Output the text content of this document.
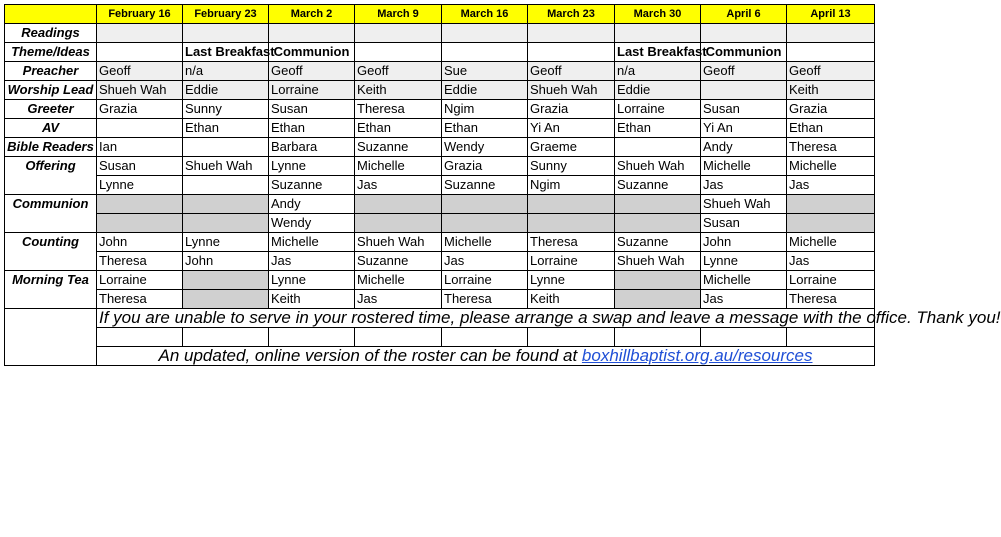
	February 16	February 23	March 2	March 9	March 16	March 23	March 30	April 6	April 13
Readings									
Theme/Ideas		Last Breakfast	Communion				Last Breakfast	Communion	
Preacher	Geoff	n/a	Geoff	Geoff	Sue	Geoff	n/a	Geoff	Geoff
Worship Lead	Shueh Wah	Eddie	Lorraine	Keith	Eddie	Shueh Wah	Eddie		Keith
Greeter	Grazia	Sunny	Susan	Theresa	Ngim	Grazia	Lorraine	Susan	Grazia
AV		Ethan	Ethan	Ethan	Ethan	Yi An	Ethan	Yi An	Ethan
Bible Readers	Ian		Barbara	Suzanne	Wendy	Graeme		Andy	Theresa
Offering	Susan	Shueh Wah	Lynne	Michelle	Grazia	Sunny	Shueh Wah	Michelle	Michelle
	Lynne		Suzanne	Jas	Suzanne	Ngim	Suzanne	Jas	Jas
Communion			Andy					Shueh Wah	
			Wendy					Susan	
Counting	John	Lynne	Michelle	Shueh Wah	Michelle	Theresa	Suzanne	John	Michelle
	Theresa	John	Jas	Suzanne	Jas	Lorraine	Shueh Wah	Lynne	Jas
Morning Tea	Lorraine		Lynne	Michelle	Lorraine	Lynne		Michelle	Lorraine
	Theresa		Keith	Jas	Theresa	Keith		Jas	Theresa
	If you are unable to serve in your rostered time, please arrange a swap and leave a message with the office. Thank you!								

	An updated, online version of the roster can be found at boxhillbaptist.org.au/resources								
